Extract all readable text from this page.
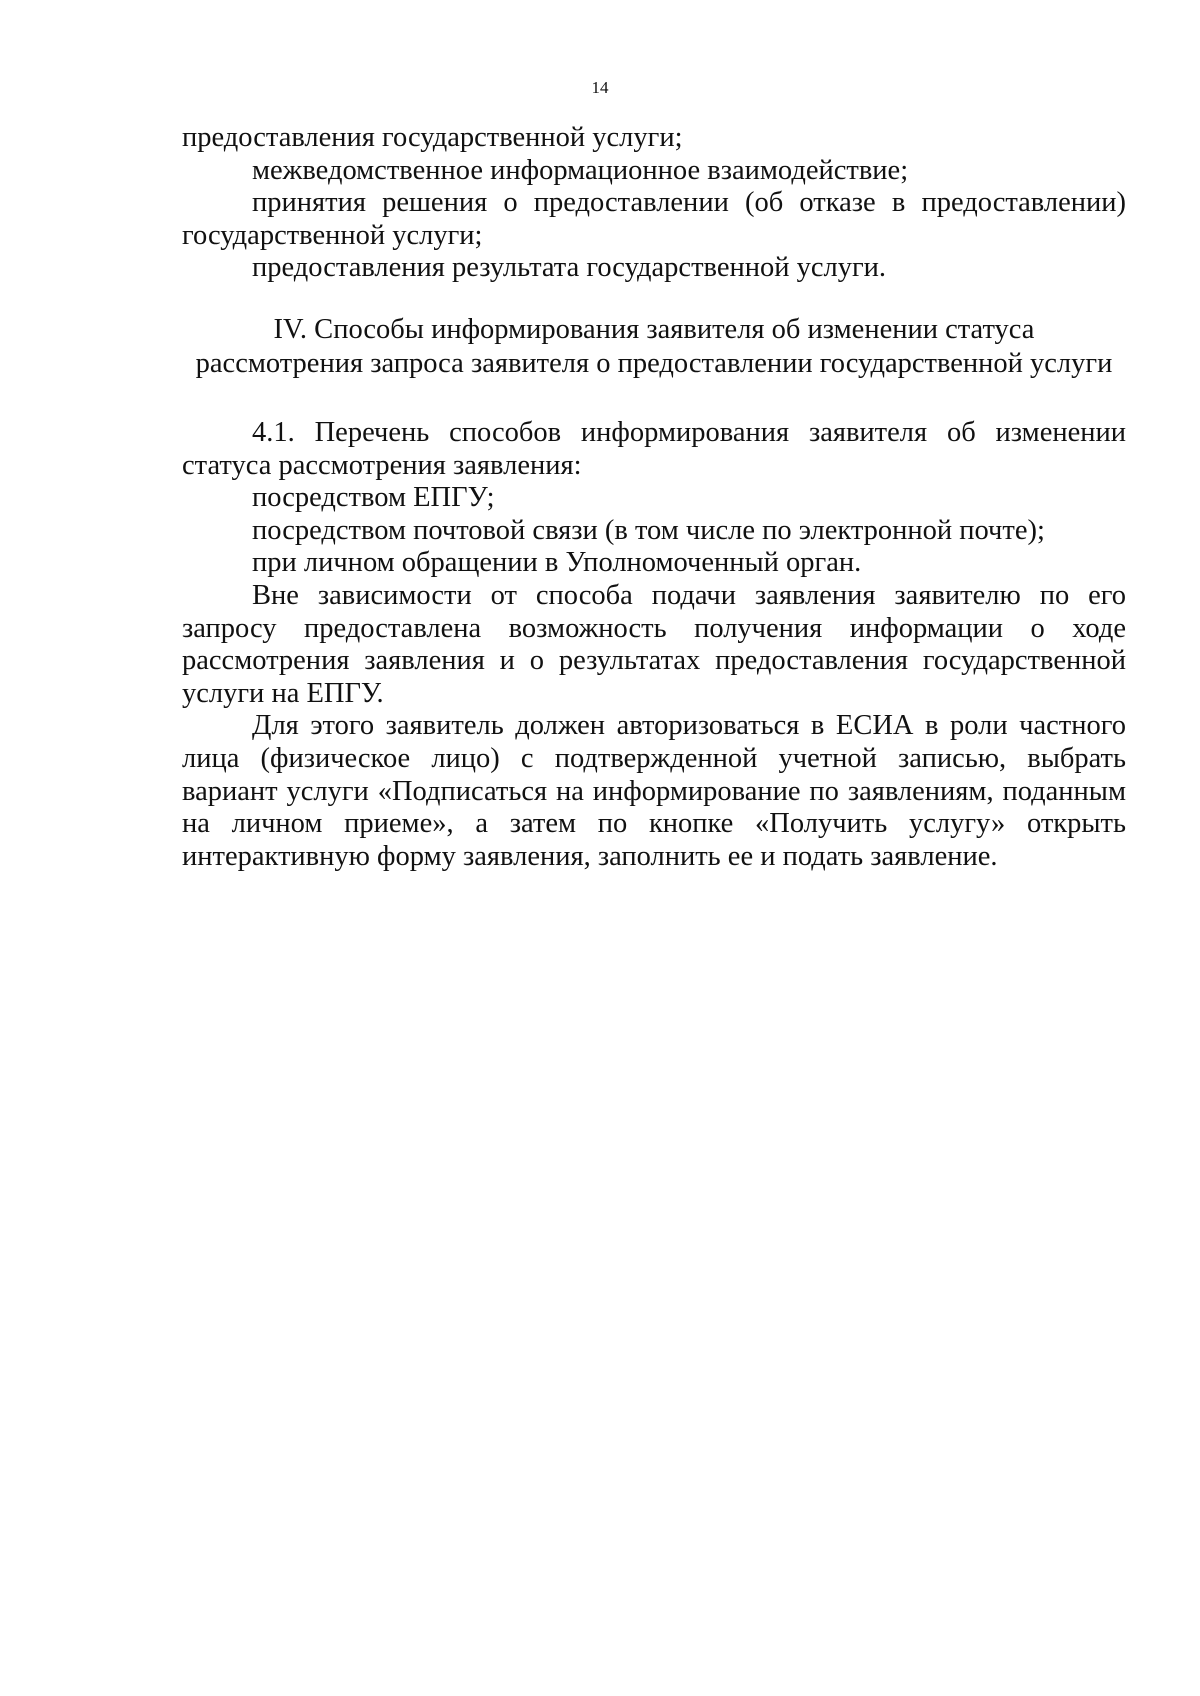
14

предоставления государственной услуги;

межведомственное информационное взаимодействие;

принятия решения о предоставлении (об отказе в предоставлении) государственной услуги;

предоставления результата государственной услуги.

IV. Способы информирования заявителя об изменении статуса
рассмотрения запроса заявителя о предоставлении государственной услуги

4.1. Перечень способов информирования заявителя об изменении статуса рассмотрения заявления:

посредством ЕПГУ;

посредством почтовой связи (в том числе по электронной почте);

при личном обращении в Уполномоченный орган.

Вне зависимости от способа подачи заявления заявителю по его запросу предоставлена возможность получения информации о ходе рассмотрения заявления и о результатах предоставления государственной услуги на ЕПГУ.

Для этого заявитель должен авторизоваться в ЕСИА в роли частного лица (физическое лицо) с подтвержденной учетной записью, выбрать вариант услуги «Подписаться на информирование по заявлениям, поданным на личном приеме», а затем по кнопке «Получить услугу» открыть интерактивную форму заявления, заполнить ее и подать заявление.
